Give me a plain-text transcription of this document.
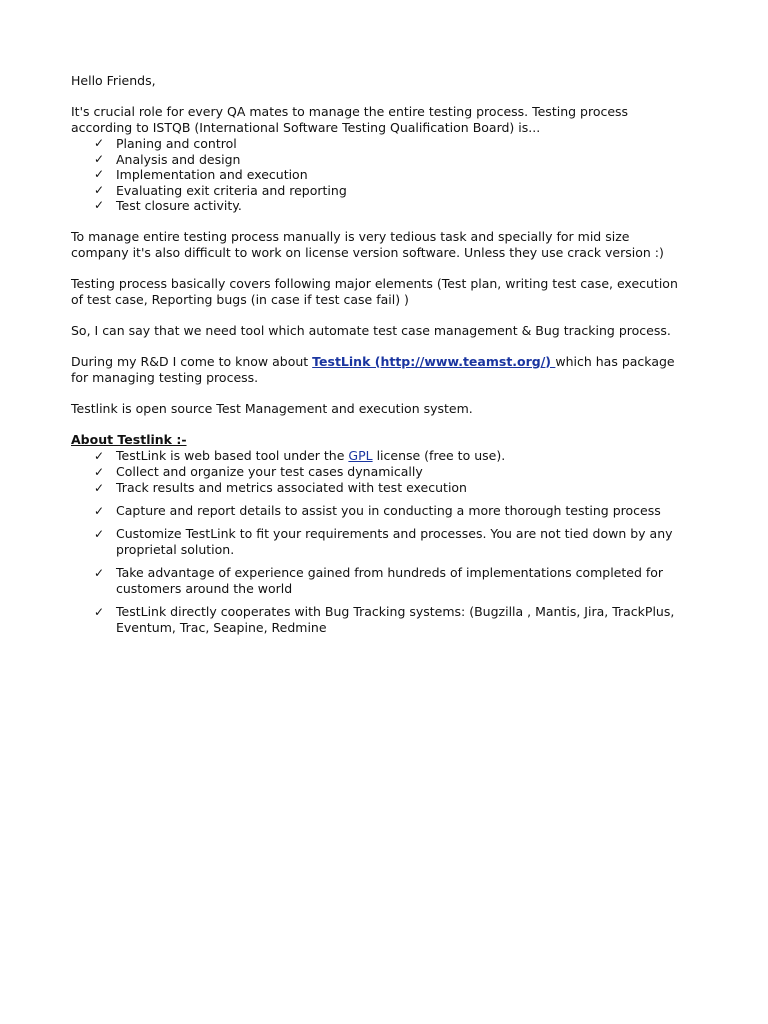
Hello Friends,

It's crucial role for every QA mates to manage the entire testing process. Testing process

according to ISTQB (International Software Testing Qualification Board) is...

✓ Planing and control
✓ Analysis and design
✓ Implementation and execution
✓ Evaluating exit criteria and reporting
✓ Test closure activity.

To manage entire testing process manually is very tedious task and specially for mid size

company it's also difficult to work on license version software. Unless they use crack version :)

Testing process basically covers following major elements (Test plan, writing test case, execution

of test case, Reporting bugs (in case if test case fail) )

So, I can say that we need tool which automate test case management & Bug tracking process.

During my R&D I come to know about TestLink (http://www.teamst.org/) which has package

for managing testing process.

Testlink is open source Test Management and execution system.

About Testlink :-

✓ TestLink is web based tool under the GPL license (free to use).
✓ Collect and organize your test cases dynamically
✓ Track results and metrics associated with test execution
✓ Capture and report details to assist you in conducting a more thorough testing process
✓ Customize TestLink to fit your requirements and processes. You are not tied down by any
proprietal solution.
✓ Take advantage of experience gained from hundreds of implementations completed for
customers around the world
✓ TestLink directly cooperates with Bug Tracking systems: (Bugzilla , Mantis, Jira, TrackPlus,
Eventum, Trac, Seapine, Redmine
